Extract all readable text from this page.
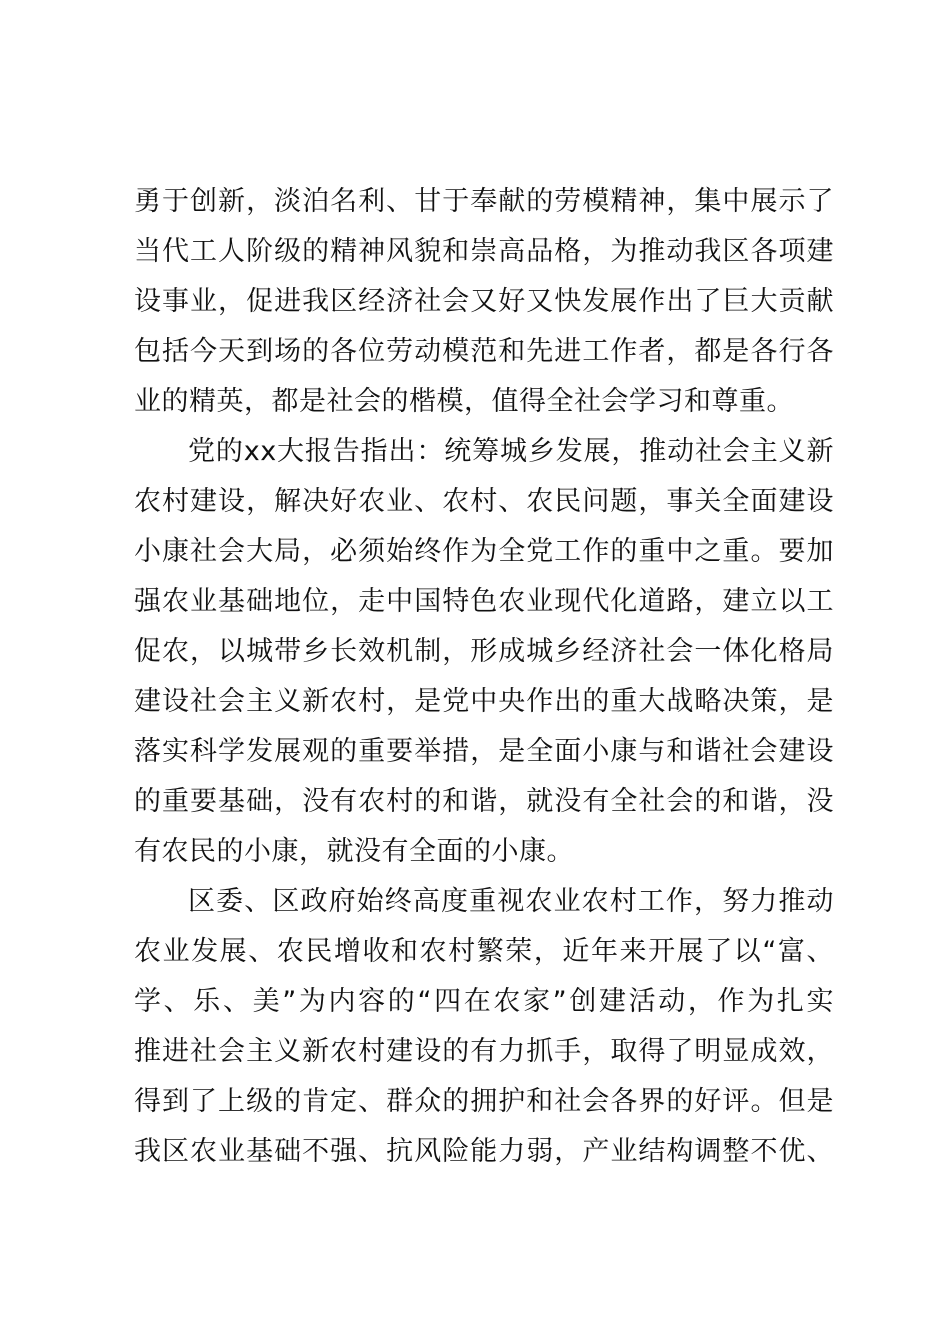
勇于创新，淡泊名利、甘于奉献的劳模精神，集中展示了
当代工人阶级的精神风貌和崇高品格，为推动我区各项建
设事业，促进我区经济社会又好又快发展作出了巨大贡献
包括今天到场的各位劳动模范和先进工作者，都是各行各
业的精英，都是社会的楷模，值得全社会学习和尊重。
党的xx大报告指出：统筹城乡发展，推动社会主义新
农村建设，解决好农业、农村、农民问题，事关全面建设
小康社会大局，必须始终作为全党工作的重中之重。要加
强农业基础地位，走中国特色农业现代化道路，建立以工
促农，以城带乡长效机制，形成城乡经济社会一体化格局
建设社会主义新农村，是党中央作出的重大战略决策，是
落实科学发展观的重要举措，是全面小康与和谐社会建设
的重要基础，没有农村的和谐，就没有全社会的和谐，没
有农民的小康，就没有全面的小康。
区委、区政府始终高度重视农业农村工作，努力推动
农业发展、农民增收和农村繁荣，近年来开展了以“富、
学、乐、美”为内容的“四在农家”创建活动，作为扎实
推进社会主义新农村建设的有力抓手，取得了明显成效，
得到了上级的肯定、群众的拥护和社会各界的好评。但是
我区农业基础不强、抗风险能力弱，产业结构调整不优、
